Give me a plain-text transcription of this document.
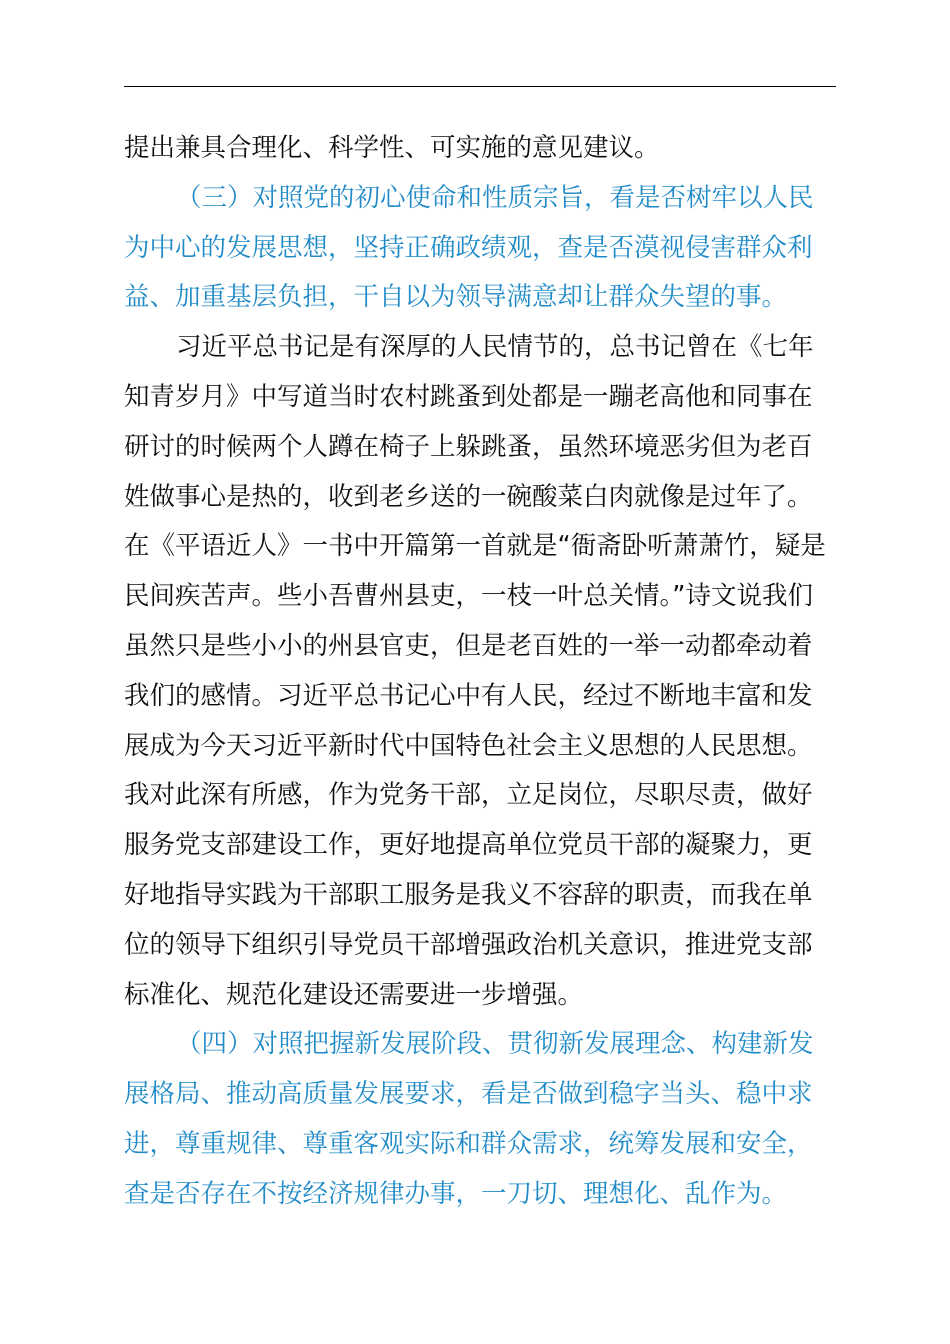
提出兼具合理化、科学性、可实施的意见建议。
（三）对照党的初心使命和性质宗旨，看是否树牢以人民
为中心的发展思想，坚持正确政绩观，查是否漠视侵害群众利
益、加重基层负担，干自以为领导满意却让群众失望的事。
习近平总书记是有深厚的人民情节的，总书记曾在《七年
知青岁月》中写道当时农村跳蚤到处都是一蹦老高他和同事在
研讨的时候两个人蹲在椅子上躲跳蚤，虽然环境恶劣但为老百
姓做事心是热的，收到老乡送的一碗酸菜白肉就像是过年了。
在《平语近人》一书中开篇第一首就是“衙斋卧听萧萧竹，疑是
民间疾苦声。些小吾曹州县吏，一枝一叶总关情。”诗文说我们
虽然只是些小小的州县官吏，但是老百姓的一举一动都牵动着
我们的感情。习近平总书记心中有人民，经过不断地丰富和发
展成为今天习近平新时代中国特色社会主义思想的人民思想。
我对此深有所感，作为党务干部，立足岗位，尽职尽责，做好
服务党支部建设工作，更好地提高单位党员干部的凝聚力，更
好地指导实践为干部职工服务是我义不容辞的职责，而我在单
位的领导下组织引导党员干部增强政治机关意识，推进党支部
标准化、规范化建设还需要进一步增强。
（四）对照把握新发展阶段、贯彻新发展理念、构建新发
展格局、推动高质量发展要求，看是否做到稳字当头、稳中求
进，尊重规律、尊重客观实际和群众需求，统筹发展和安全，
查是否存在不按经济规律办事，一刀切、理想化、乱作为。
